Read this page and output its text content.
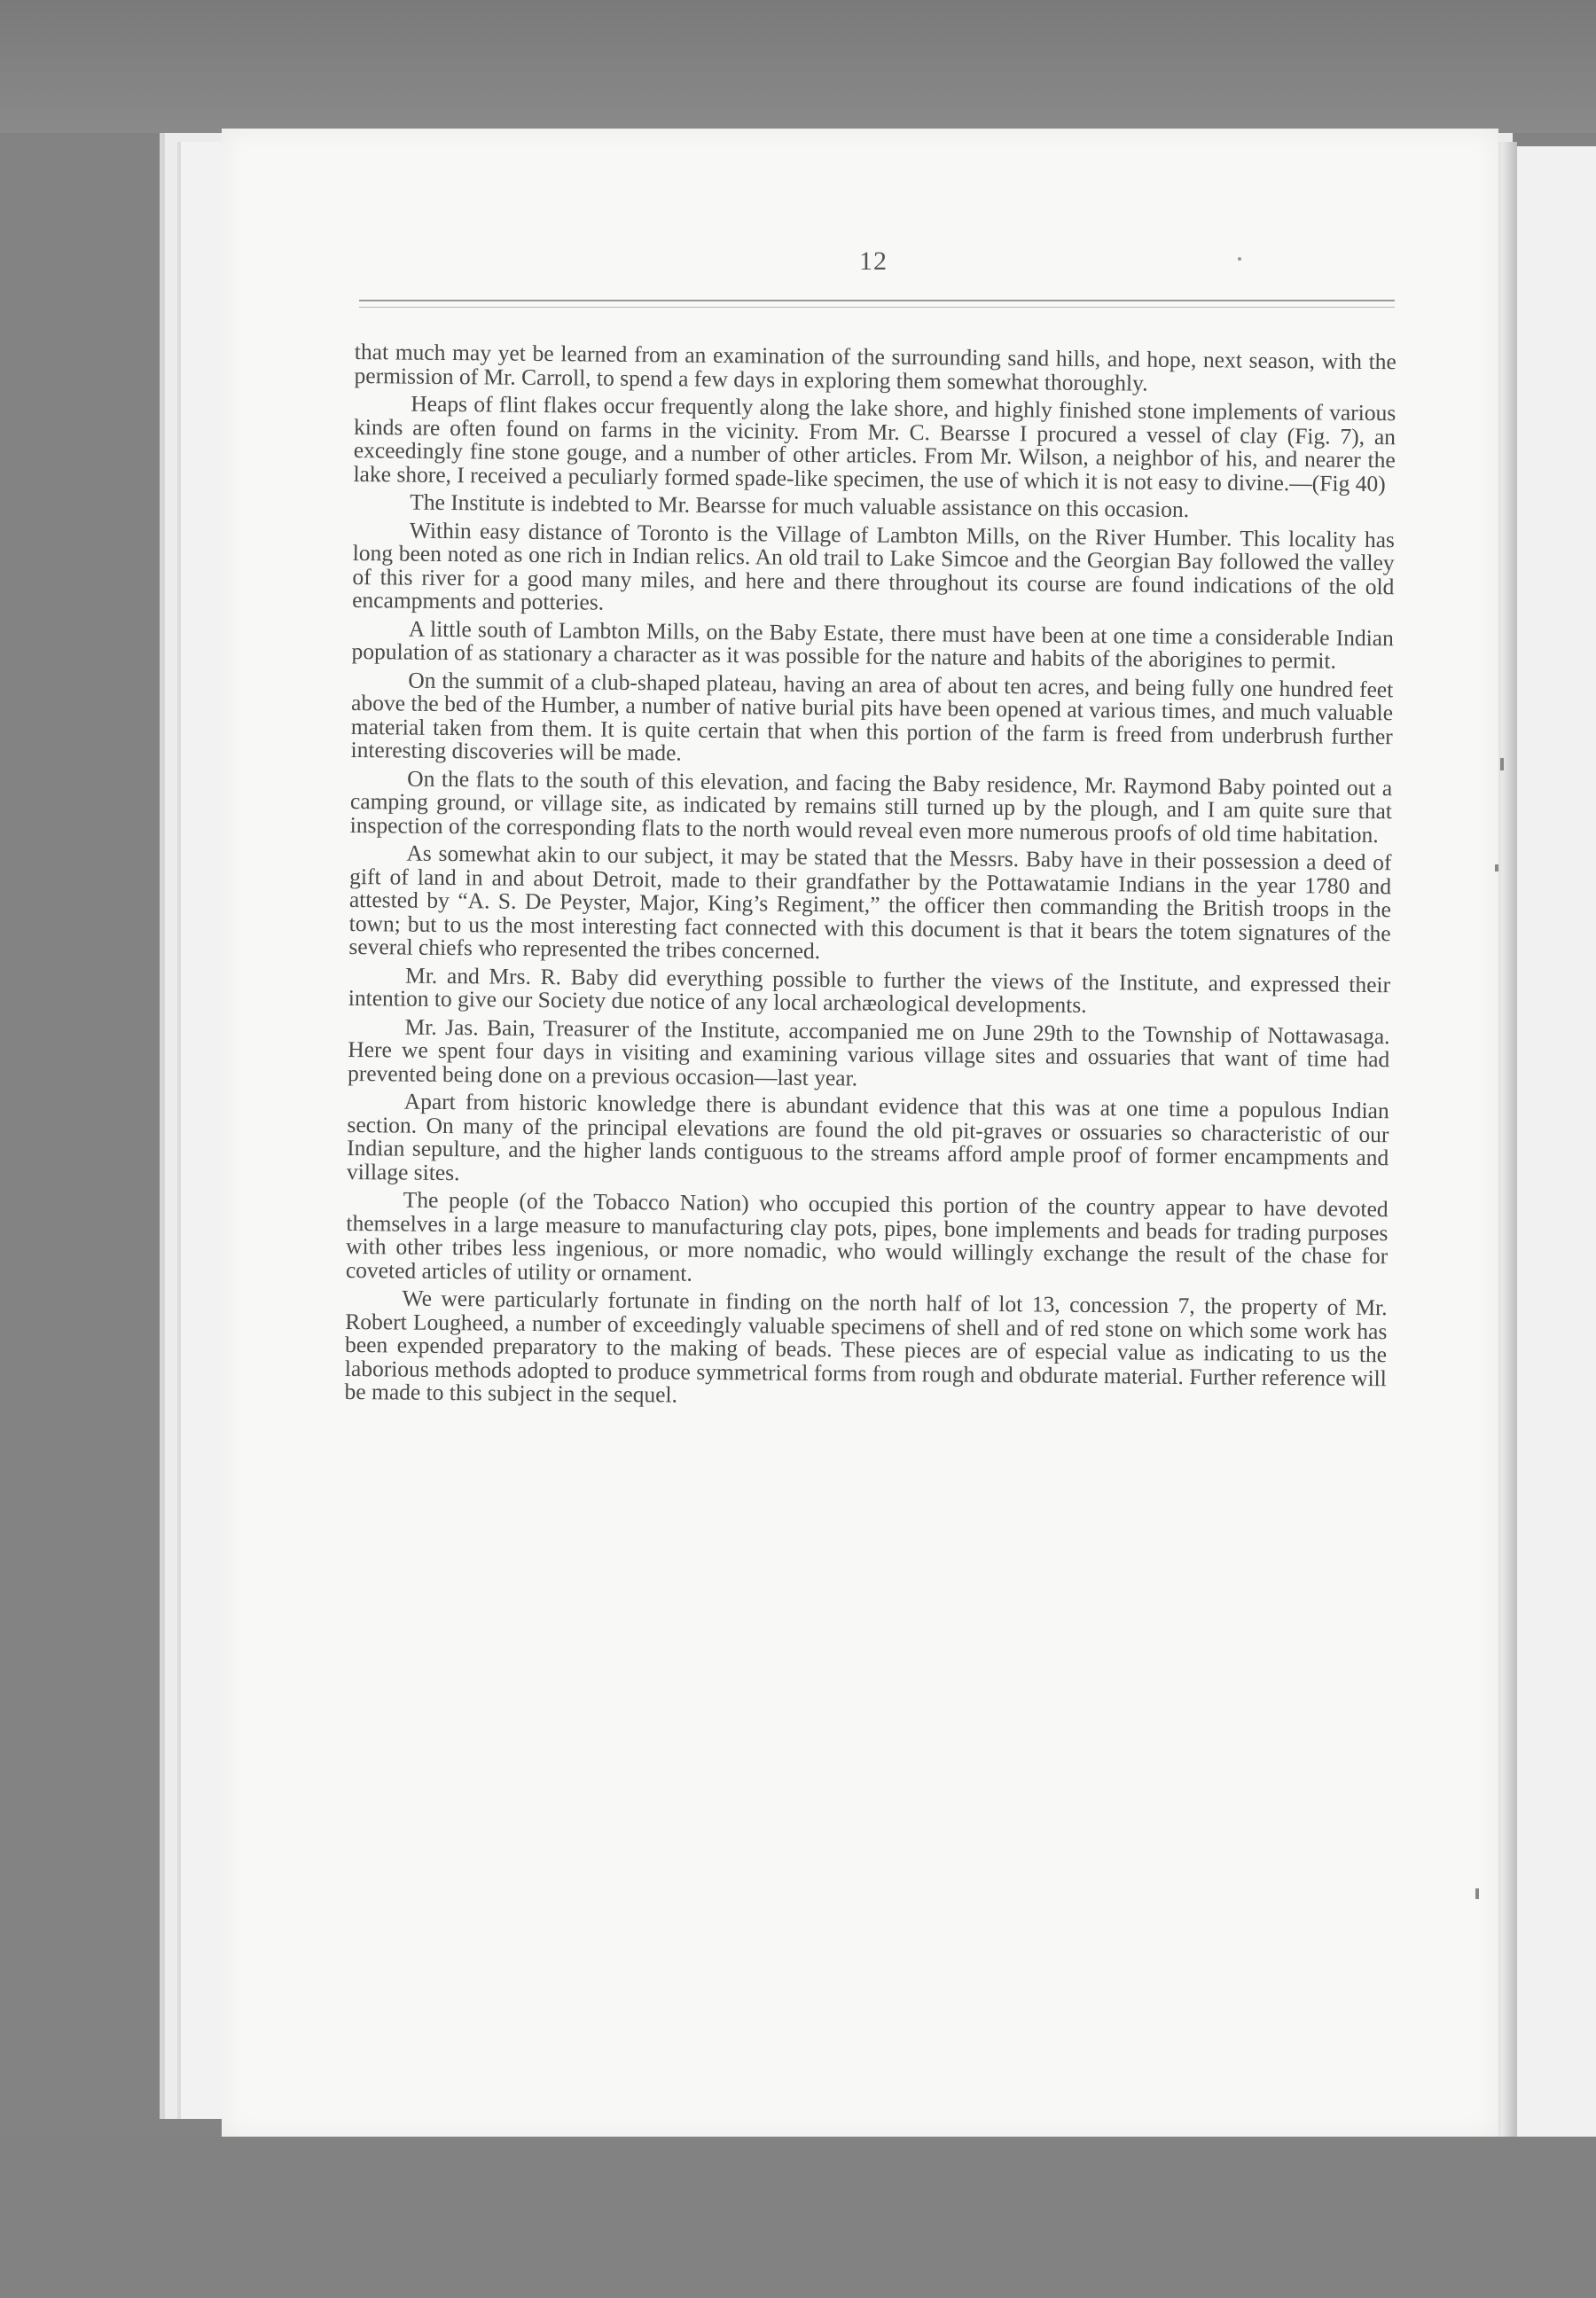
12

that much may yet be learned from an examination of the surrounding sand hills, and hope, next season, with the permission of Mr. Carroll, to spend a few days in exploring them somewhat thoroughly.

Heaps of flint flakes occur frequently along the lake shore, and highly finished stone implements of various kinds are often found on farms in the vicinity. From Mr. C. Bearsse I procured a vessel of clay (Fig. 7), an exceedingly fine stone gouge, and a number of other articles. From Mr. Wilson, a neighbor of his, and nearer the lake shore, I received a peculiarly formed spade-like specimen, the use of which it is not easy to divine.—(Fig 40)

The Institute is indebted to Mr. Bearsse for much valuable assistance on this occasion.

Within easy distance of Toronto is the Village of Lambton Mills, on the River Humber. This locality has long been noted as one rich in Indian relics. An old trail to Lake Simcoe and the Georgian Bay followed the valley of this river for a good many miles, and here and there throughout its course are found indications of the old encampments and potteries.

A little south of Lambton Mills, on the Baby Estate, there must have been at one time a considerable Indian population of as stationary a character as it was possible for the nature and habits of the aborigines to permit.

On the summit of a club-shaped plateau, having an area of about ten acres, and being fully one hundred feet above the bed of the Humber, a number of native burial pits have been opened at various times, and much valuable material taken from them. It is quite certain that when this portion of the farm is freed from underbrush further interesting discoveries will be made.

On the flats to the south of this elevation, and facing the Baby residence, Mr. Raymond Baby pointed out a camping ground, or village site, as indicated by remains still turned up by the plough, and I am quite sure that inspection of the corresponding flats to the north would reveal even more numerous proofs of old time habitation.

As somewhat akin to our subject, it may be stated that the Messrs. Baby have in their possession a deed of gift of land in and about Detroit, made to their grandfather by the Pottawatamie Indians in the year 1780 and attested by “A. S. De Peyster, Major, King’s Regiment,” the officer then commanding the British troops in the town; but to us the most interesting fact connected with this document is that it bears the totem signatures of the several chiefs who represented the tribes concerned.

Mr. and Mrs. R. Baby did everything possible to further the views of the Institute, and expressed their intention to give our Society due notice of any local archæological developments.

Mr. Jas. Bain, Treasurer of the Institute, accompanied me on June 29th to the Township of Nottawasaga. Here we spent four days in visiting and examining various village sites and ossuaries that want of time had prevented being done on a previous occasion—last year.

Apart from historic knowledge there is abundant evidence that this was at one time a populous Indian section. On many of the principal elevations are found the old pit-graves or ossuaries so characteristic of our Indian sepulture, and the higher lands contiguous to the streams afford ample proof of former encampments and village sites.

The people (of the Tobacco Nation) who occupied this portion of the country appear to have devoted themselves in a large measure to manufacturing clay pots, pipes, bone implements and beads for trading purposes with other tribes less ingenious, or more nomadic, who would willingly exchange the result of the chase for coveted articles of utility or ornament.

We were particularly fortunate in finding on the north half of lot 13, concession 7, the property of Mr. Robert Lougheed, a number of exceedingly valuable specimens of shell and of red stone on which some work has been expended preparatory to the making of beads. These pieces are of especial value as indicating to us the laborious methods adopted to produce symmetrical forms from rough and obdurate material. Further reference will be made to this subject in the sequel.
